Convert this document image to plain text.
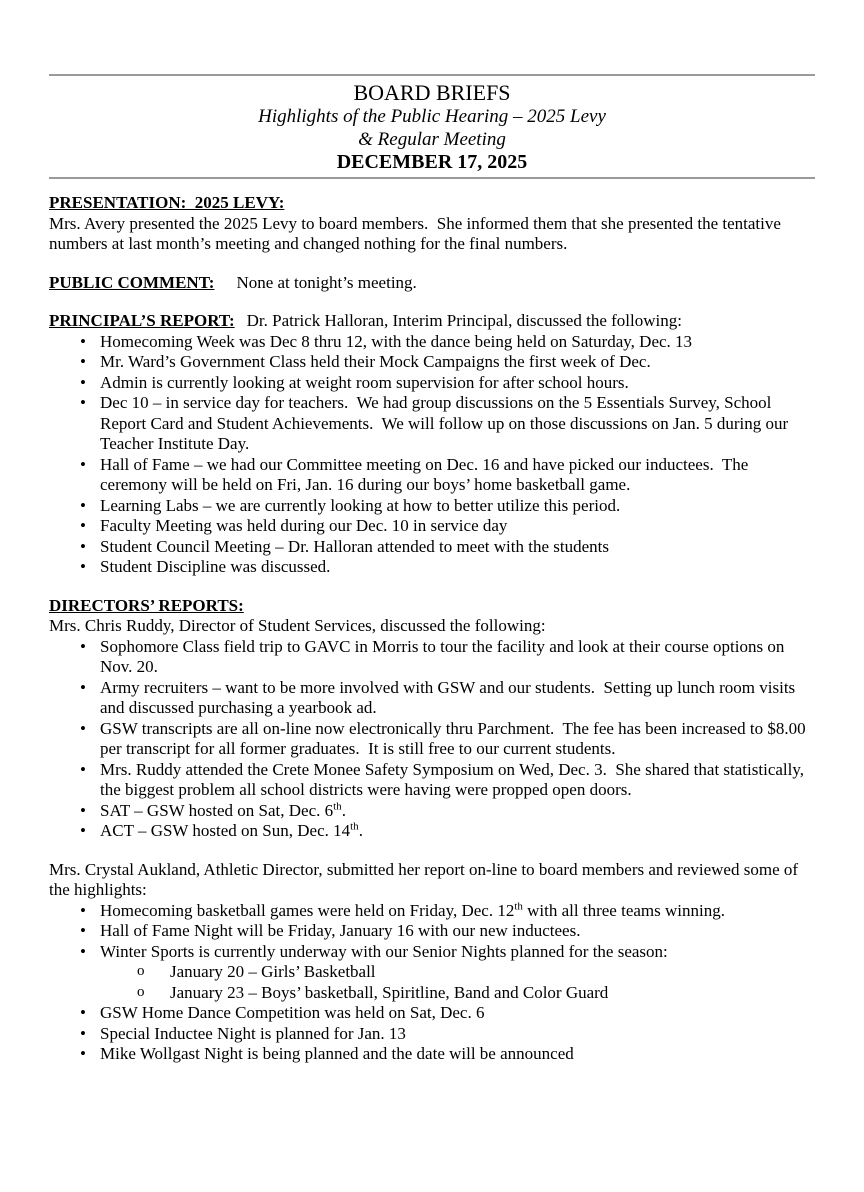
BOARD BRIEFS
Highlights of the Public Hearing – 2025 Levy
& Regular Meeting
DECEMBER 17, 2025

PRESENTATION:  2025 LEVY:

Mrs. Avery presented the 2025 Levy to board members.  She informed them that she presented the tentative numbers at last month’s meeting and changed nothing for the final numbers.

PUBLIC COMMENT: None at tonight’s meeting.

PRINCIPAL’S REPORT: Dr. Patrick Halloran, Interim Principal, discussed the following:

• Homecoming Week was Dec 8 thru 12, with the dance being held on Saturday, Dec. 13
• Mr. Ward’s Government Class held their Mock Campaigns the first week of Dec.
• Admin is currently looking at weight room supervision for after school hours.
• Dec 10 – in service day for teachers.  We had group discussions on the 5 Essentials Survey, School Report Card and Student Achievements.  We will follow up on those discussions on Jan. 5 during our Teacher Institute Day.
• Hall of Fame – we had our Committee meeting on Dec. 16 and have picked our inductees.  The ceremony will be held on Fri, Jan. 16 during our boys’ home basketball game.
• Learning Labs – we are currently looking at how to better utilize this period.
• Faculty Meeting was held during our Dec. 10 in service day
• Student Council Meeting – Dr. Halloran attended to meet with the students
• Student Discipline was discussed.

DIRECTORS’ REPORTS:

Mrs. Chris Ruddy, Director of Student Services, discussed the following:

• Sophomore Class field trip to GAVC in Morris to tour the facility and look at their course options on Nov. 20.
• Army recruiters – want to be more involved with GSW and our students.  Setting up lunch room visits and discussed purchasing a yearbook ad.
• GSW transcripts are all on-line now electronically thru Parchment.  The fee has been increased to $8.00 per transcript for all former graduates.  It is still free to our current students.
• Mrs. Ruddy attended the Crete Monee Safety Symposium on Wed, Dec. 3.  She shared that statistically, the biggest problem all school districts were having were propped open doors.
• SAT – GSW hosted on Sat, Dec. 6th.
• ACT – GSW hosted on Sun, Dec. 14th.

Mrs. Crystal Aukland, Athletic Director, submitted her report on-line to board members and reviewed some of the highlights:

• Homecoming basketball games were held on Friday, Dec. 12th with all three teams winning.
• Hall of Fame Night will be Friday, January 16 with our new inductees.
• Winter Sports is currently underway with our Senior Nights planned for the season:
o January 20 – Girls’ Basketball
o January 23 – Boys’ basketball, Spiritline, Band and Color Guard
• GSW Home Dance Competition was held on Sat, Dec. 6
• Special Inductee Night is planned for Jan. 13
• Mike Wollgast Night is being planned and the date will be announced
